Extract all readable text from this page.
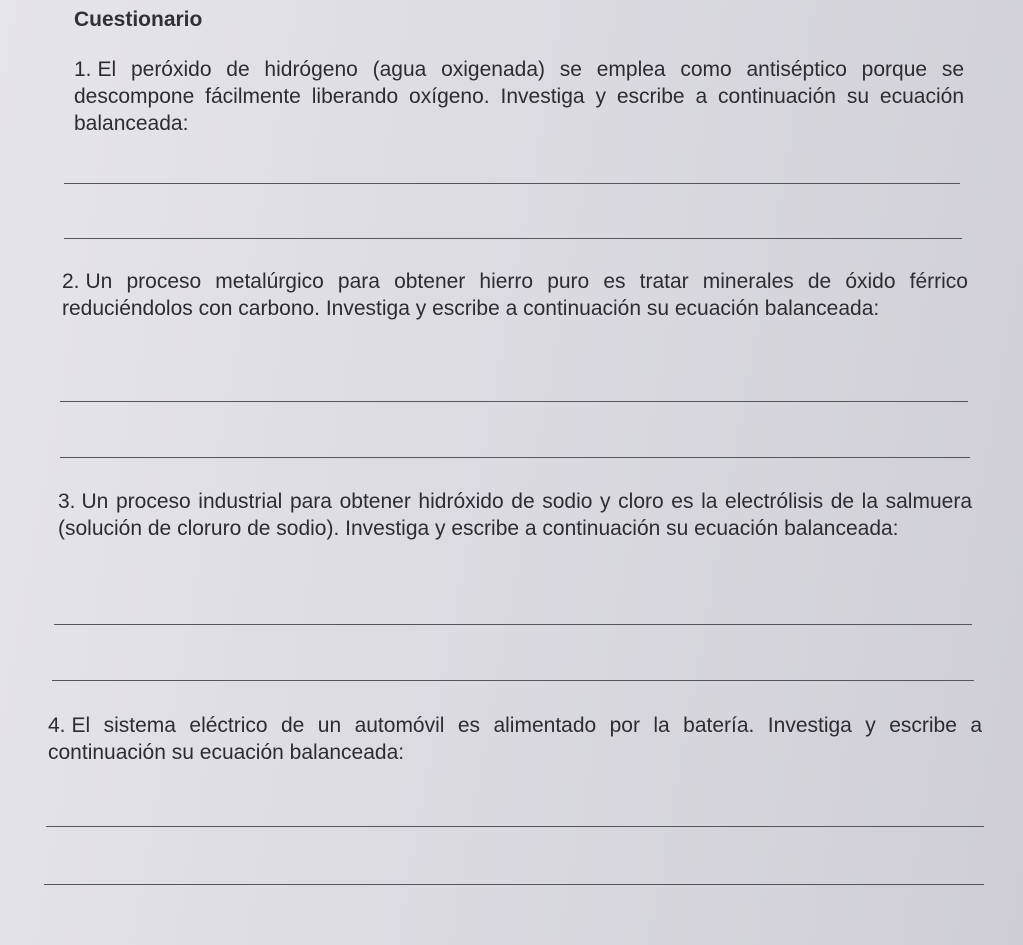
Cuestionario

1. El peróxido de hidrógeno (agua oxigenada) se emplea como antiséptico porque se descompone fácilmente liberando oxígeno. Investiga y escribe a continuación su ecuación balanceada:

2. Un proceso metalúrgico para obtener hierro puro es tratar minerales de óxido férrico reduciéndolos con carbono. Investiga y escribe a continuación su ecuación balanceada:

3. Un proceso industrial para obtener hidróxido de sodio y cloro es la electrólisis de la salmuera (solución de cloruro de sodio). Investiga y escribe a continuación su ecuación balanceada:

4. El sistema eléctrico de un automóvil es alimentado por la batería. Investiga y escribe a continuación su ecuación balanceada:
